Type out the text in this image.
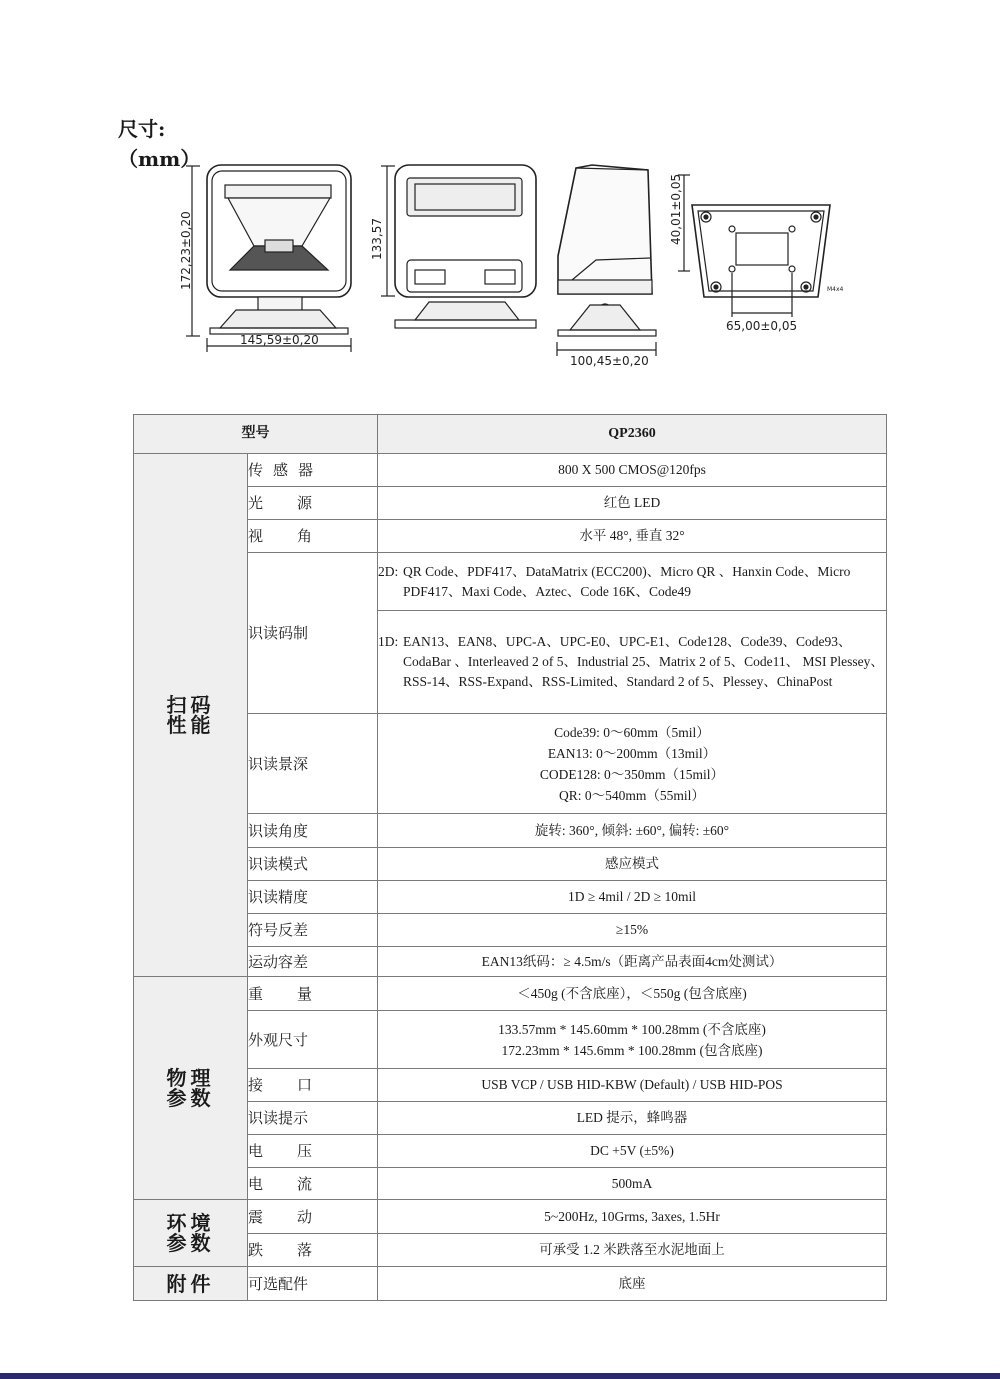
尺寸:
（mm）
172,23±0,20
145,59±0,20
133,57
100,45±0,20
40,01±0,05
65,00±0,05
M4x4
型号		QP2360
扫码
性能	传感器	800 X 500 CMOS@120fps
	光源	红色 LED
	视角	水平 48°, 垂直 32°
	识读码制	2D: QR Code、PDF417、DataMatrix (ECC200)、Micro QR 、Hanxin Code、Micro PDF417、Maxi Code、Aztec、Code 16K、Code49

		1D: EAN13、EAN8、UPC-A、UPC-E0、UPC-E1、Code128、Code39、Code93、CodaBar 、Interleaved 2 of 5、Industrial 25、Matrix 2 of 5、Code11、 MSI Plessey、RSS-14、RSS-Expand、RSS-Limited、Standard 2 of 5、Plessey、ChinaPost

	识读景深	Code39: 0～60mm（5mil）
EAN13: 0～200mm（13mil）
CODE128: 0～350mm（15mil）
QR: 0～540mm（55mil）

	识读角度	旋转: 360°, 倾斜: ±60°, 偏转: ±60°
	识读模式	感应模式
	识读精度	1D ≥ 4mil / 2D ≥ 10mil
	符号反差	≥15%
	运动容差	EAN13纸码：≥ 4.5m/s（距离产品表面4cm处测试）
物理
参数	重量	＜450g (不含底座），＜550g (包含底座)
	外观尺寸	133.57mm * 145.60mm * 100.28mm (不含底座)
172.23mm * 145.6mm * 100.28mm (包含底座)

	接口	USB VCP / USB HID-KBW (Default) / USB HID-POS
	识读提示	LED 提示，蜂鸣器
	电压	DC +5V (±5%)
	电流	500mA
环境
参数	震动	5~200Hz, 10Grms, 3axes, 1.5Hr
	跌落	可承受 1.2 米跌落至水泥地面上
附件	可选配件	底座
